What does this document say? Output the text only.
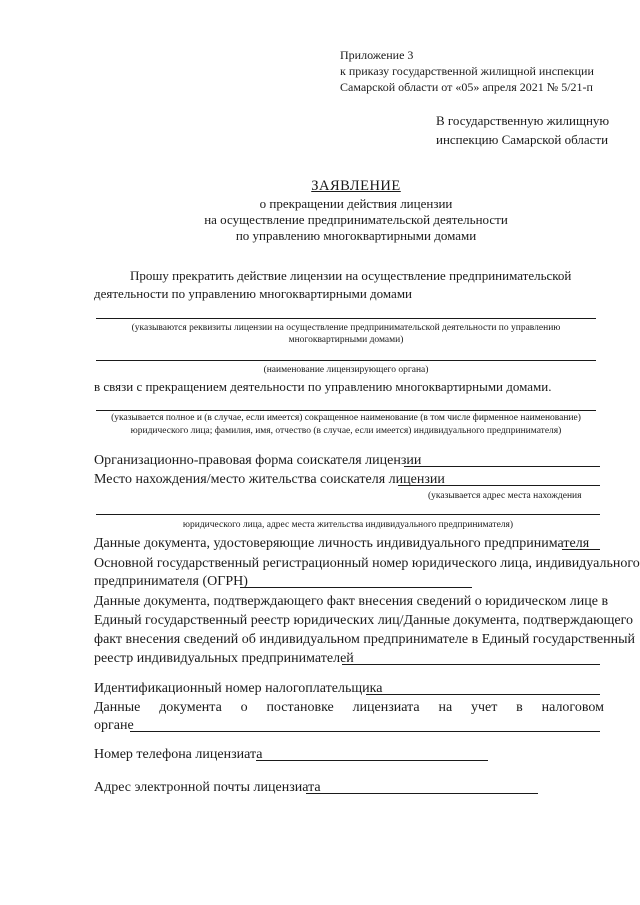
Приложение 3
к приказу государственной жилищной инспекции
Самарской области от «05» апреля 2021 № 5/21-п
В государственную жилищную
инспекцию Самарской области
ЗАЯВЛЕНИЕ
о прекращении действия лицензии
на осуществление предпринимательской деятельности
по управлению многоквартирными домами
Прошу прекратить действие лицензии на осуществление предпринимательской
деятельности по управлению многоквартирными домами
(указываются реквизиты лицензии на осуществление предпринимательской деятельности по управлению
многоквартирными домами)
(наименование лицензирующего органа)
в связи с прекращением деятельности по управлению многоквартирными домами.
(указывается полное и (в случае, если имеется) сокращенное наименование (в том числе фирменное наименование)
юридического лица; фамилия, имя, отчество (в случае, если имеется) индивидуального предпринимателя)
Организационно-правовая форма соискателя лицензии
Место нахождения/место жительства соискателя лицензии
(указывается адрес места нахождения
юридического лица, адрес места жительства индивидуального предпринимателя)
Данные документа, удостоверяющие личность индивидуального предпринимателя
Основной государственный регистрационный номер юридического лица, индивидуального
предпринимателя (ОГРН)
Данные документа, подтверждающего факт внесения сведений о юридическом лице в
Единый государственный реестр юридических лиц/Данные документа, подтверждающего
факт внесения сведений об индивидуальном предпринимателе в Единый государственный
реестр индивидуальных предпринимателей
Идентификационный номер налогоплательщика
Данные документа о постановке лицензиата на учет в налоговом
органе
Номер телефона лицензиата
Адрес электронной почты лицензиата
